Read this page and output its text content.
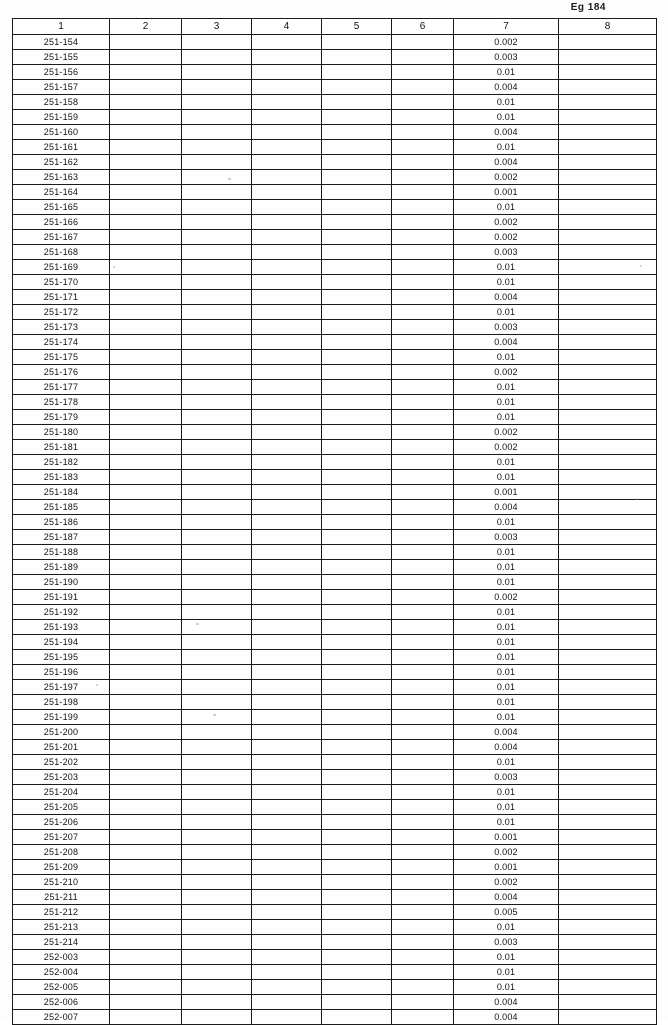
Eg 184
1	2	3	4	5	6	7	8
251-154						0.002	
251-155						0.003	
251-156						0.01	
251-157						0.004	
251-158						0.01	
251-159						0.01	
251-160						0.004	
251-161						0.01	
251-162						0.004	
251-163						0.002	
251-164						0.001	
251-165						0.01	
251-166						0.002	
251-167						0.002	
251-168						0.003	
251-169						0.01	
251-170						0.01	
251-171						0.004	
251-172						0.01	
251-173						0.003	
251-174						0.004	
251-175						0.01	
251-176						0.002	
251-177						0.01	
251-178						0.01	
251-179						0.01	
251-180						0.002	
251-181						0.002	
251-182						0.01	
251-183						0.01	
251-184						0.001	
251-185						0.004	
251-186						0.01	
251-187						0.003	
251-188						0.01	
251-189						0.01	
251-190						0.01	
251-191						0.002	
251-192						0.01	
251-193						0.01	
251-194						0.01	
251-195						0.01	
251-196						0.01	
251-197						0.01	
251-198						0.01	
251-199						0.01	
251-200						0.004	
251-201						0.004	
251-202						0.01	
251-203						0.003	
251-204						0.01	
251-205						0.01	
251-206						0.01	
251-207						0.001	
251-208						0.002	
251-209						0.001	
251-210						0.002	
251-211						0.004	
251-212						0.005	
251-213						0.01	
251-214						0.003	
252-003						0.01	
252-004						0.01	
252-005						0.01	
252-006						0.004	
252-007						0.004	
